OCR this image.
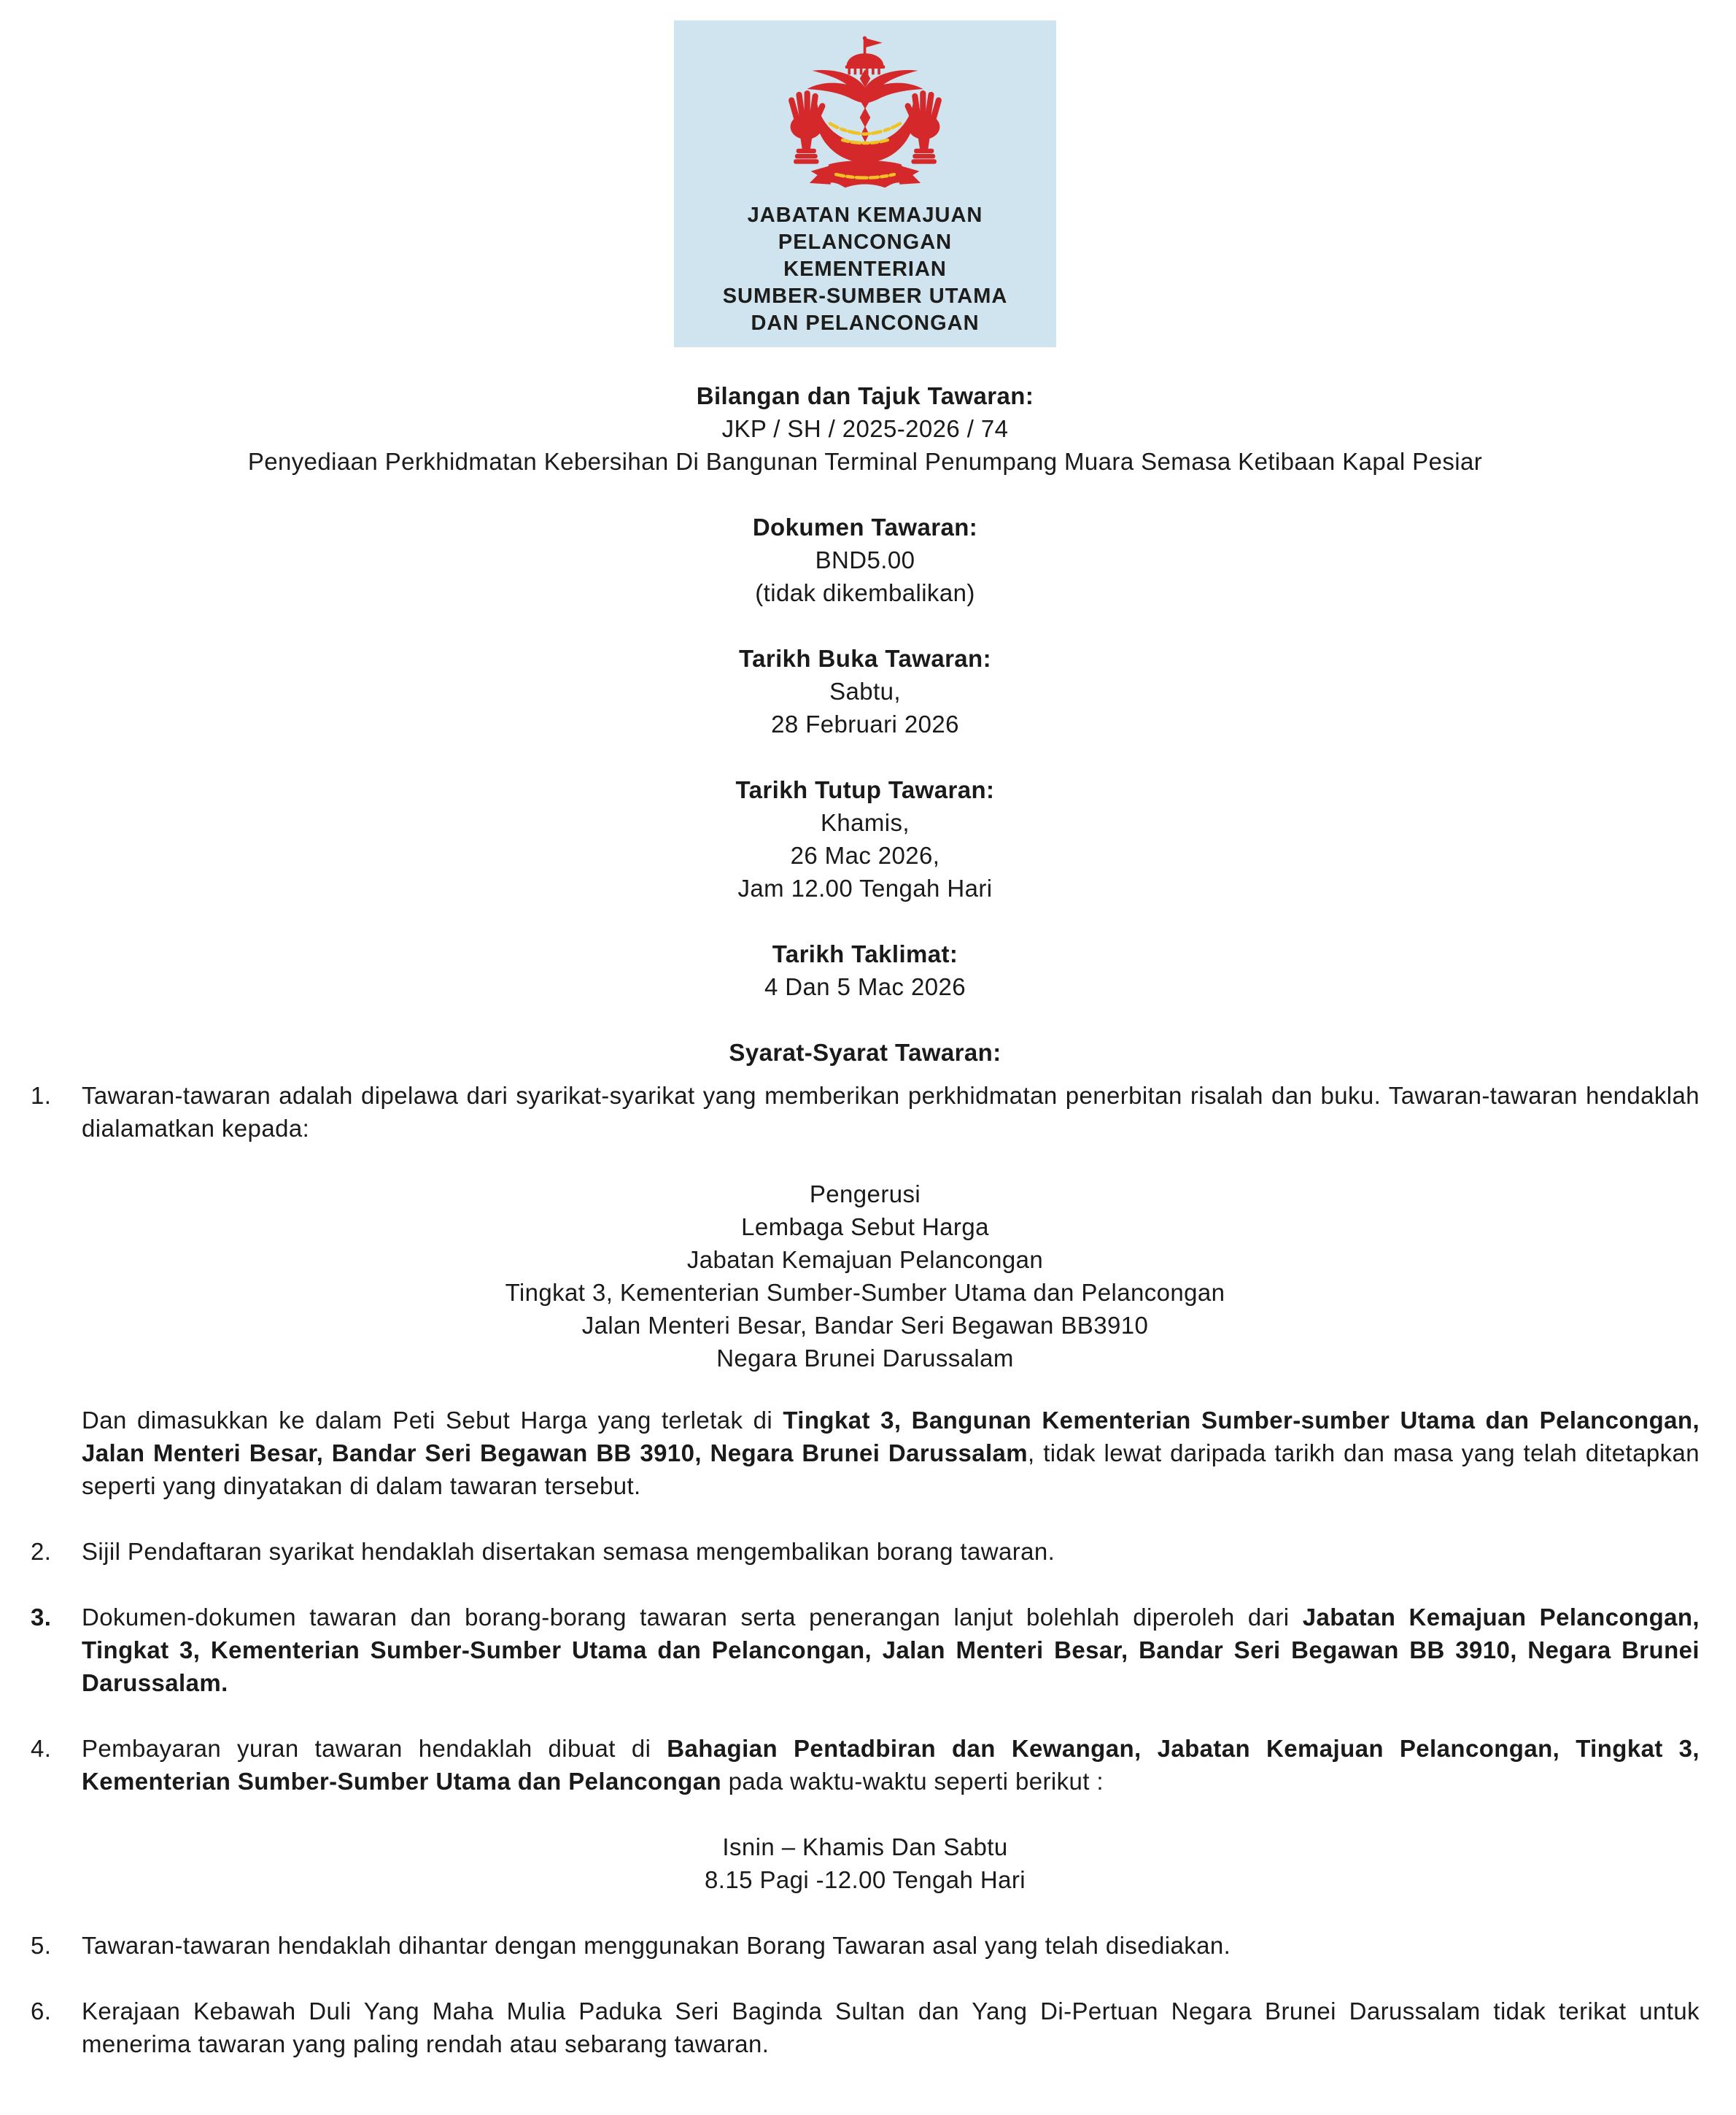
JABATAN KEMAJUAN
PELANCONGAN
KEMENTERIAN
SUMBER-SUMBER UTAMA
DAN PELANCONGAN
Bilangan dan Tajuk Tawaran:
JKP / SH / 2025-2026 / 74
Penyediaan Perkhidmatan Kebersihan Di Bangunan Terminal Penumpang Muara Semasa Ketibaan Kapal Pesiar
Dokumen Tawaran:
BND5.00
(tidak dikembalikan)
Tarikh Buka Tawaran:
Sabtu,
28 Februari 2026
Tarikh Tutup Tawaran:
Khamis,
26 Mac 2026,
Jam 12.00 Tengah Hari
Tarikh Taklimat:
4 Dan 5 Mac 2026
Syarat-Syarat Tawaran:
1.	Tawaran-tawaran adalah dipelawa dari syarikat-syarikat yang memberikan perkhidmatan penerbitan risalah dan buku. Tawaran-tawaran hendaklah dialamatkan kepada:
Pengerusi
Lembaga Sebut Harga
Jabatan Kemajuan Pelancongan
Tingkat 3, Kementerian Sumber-Sumber Utama dan Pelancongan
Jalan Menteri Besar, Bandar Seri Begawan BB3910
Negara Brunei Darussalam
Dan dimasukkan ke dalam Peti Sebut Harga yang terletak di Tingkat 3, Bangunan Kementerian Sumber-sumber Utama dan Pelancongan, Jalan Menteri Besar, Bandar Seri Begawan BB 3910, Negara Brunei Darussalam, tidak lewat daripada tarikh dan masa yang telah ditetapkan seperti yang dinyatakan di dalam tawaran tersebut.
2.	Sijil Pendaftaran syarikat hendaklah disertakan semasa mengembalikan borang tawaran.
3.	Dokumen-dokumen tawaran dan borang-borang tawaran serta penerangan lanjut bolehlah diperoleh dari Jabatan Kemajuan Pelancongan, Tingkat 3, Kementerian Sumber-Sumber Utama dan Pelancongan, Jalan Menteri Besar, Bandar Seri Begawan BB 3910, Negara Brunei Darussalam.
4.	Pembayaran yuran tawaran hendaklah dibuat di Bahagian Pentadbiran dan Kewangan, Jabatan Kemajuan Pelancongan, Tingkat 3, Kementerian Sumber-Sumber Utama dan Pelancongan pada waktu-waktu seperti berikut :
Isnin – Khamis Dan Sabtu
8.15 Pagi -12.00 Tengah Hari
5.	Tawaran-tawaran hendaklah dihantar dengan menggunakan Borang Tawaran asal yang telah disediakan.
6.	Kerajaan Kebawah Duli Yang Maha Mulia Paduka Seri Baginda Sultan dan Yang Di-Pertuan Negara Brunei Darussalam tidak terikat untuk menerima tawaran yang paling rendah atau sebarang tawaran.
